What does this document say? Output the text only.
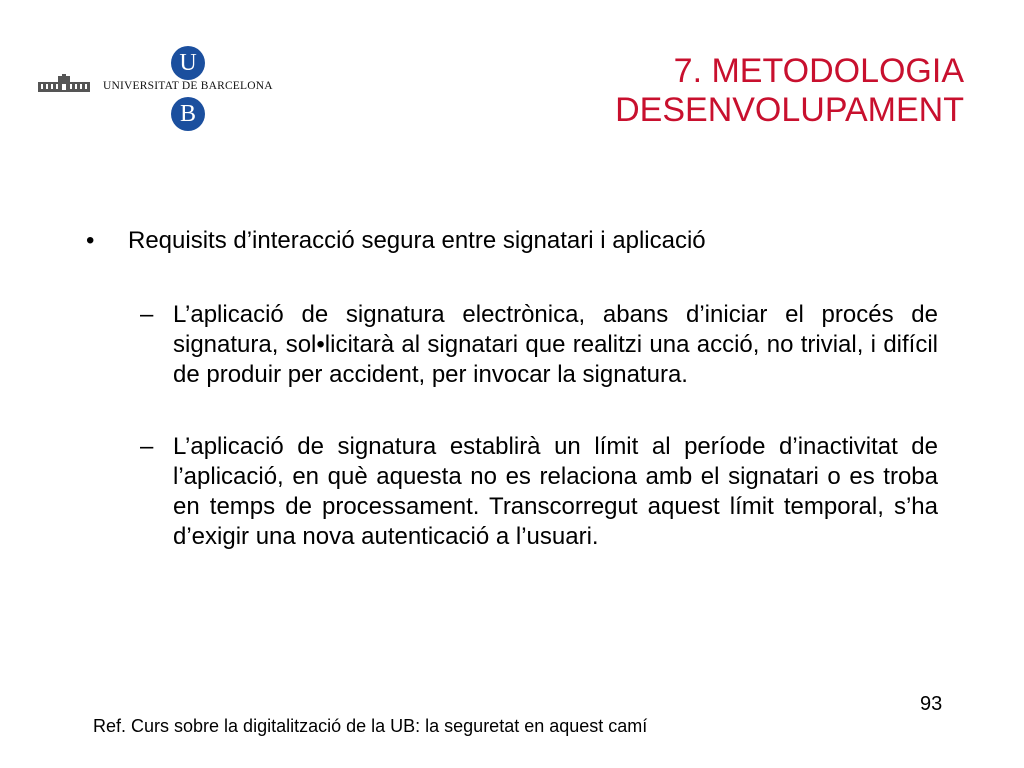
UNIVERSITAT DE BARCELONA
U
B
7. METODOLOGIA
DESENVOLUPAMENT
• Requisits d’interacció segura entre signatari i aplicació
– L’aplicació de signatura electrònica, abans d’iniciar el procés de signatura, sol•licitarà al signatari que realitzi una acció, no trivial, i difícil de produir per accident, per invocar la signatura.
– L’aplicació de signatura establirà un límit al període d’inactivitat de l’aplicació, en què aquesta no es relaciona amb el signatari o es troba en temps de processament. Transcorregut aquest límit temporal, s’ha d’exigir una nova autenticació a l’usuari.
93
Ref. Curs sobre la digitalització de la UB: la seguretat en aquest camí
